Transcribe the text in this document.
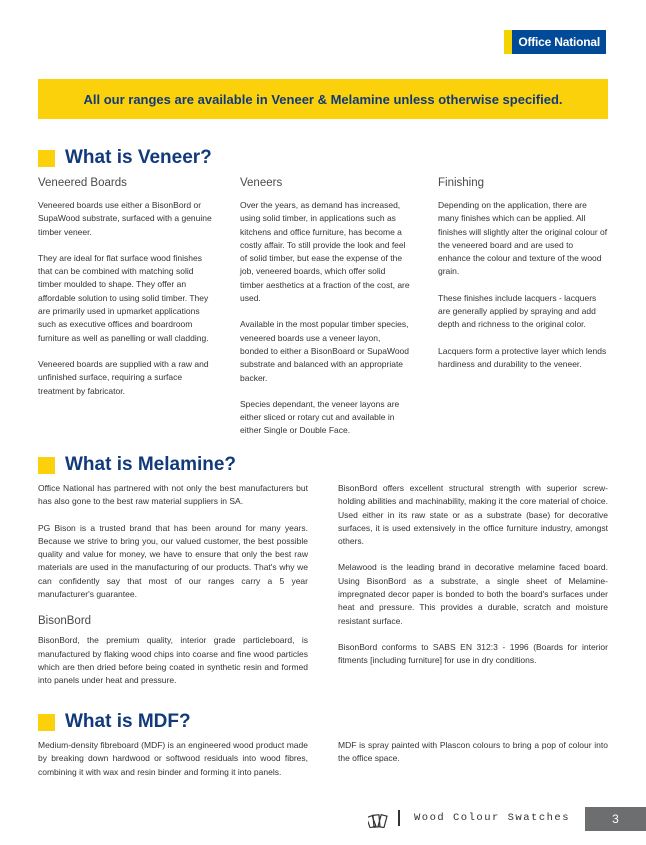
Office National
All our ranges are available in Veneer & Melamine unless otherwise specified.
What is Veneer?
Veneered Boards

Veneered boards use either a BisonBord or SupaWood substrate, surfaced with a genuine timber veneer.

They are ideal for flat surface wood finishes that can be combined with matching solid timber moulded to shape. They offer an affordable solution to using solid timber. They are primarily used in upmarket applications such as executive offices and boardroom furniture as well as panelling or wall cladding.

Veneered boards are supplied with a raw and unfinished surface, requiring a surface treatment by fabricator.

Veneers

Over the years, as demand has increased, using solid timber, in applications such as kitchens and office furniture, has become a costly affair. To still provide the look and feel of solid timber, but ease the expense of the job, veneered boards, which offer solid timber aesthetics at a fraction of the cost, are used.

Available in the most popular timber species, veneered boards use a veneer layon, bonded to either a BisonBoard or SupaWood substrate and balanced with an appropriate backer.

Species dependant, the veneer layons are either sliced or rotary cut and available in either Single or Double Face.

Finishing

Depending on the application, there are many finishes which can be applied. All finishes will slightly alter the original colour of the veneered board and are used to enhance the colour and texture of the wood grain.

These finishes include lacquers - lacquers are generally applied by spraying and add depth and richness to the original color.

Lacquers form a protective layer which lends hardiness and durability to the veneer.

What is Melamine?

Office National has partnered with not only the best manufacturers but has also gone to the best raw material suppliers in SA.

PG Bison is a trusted brand that has been around for many years. Because we strive to bring you, our valued customer, the best possible quality and value for money, we have to ensure that only the best raw materials are used in the manufacturing of our products. That's why we can confidently say that most of our ranges carry a 5 year manufacturer's guarantee.

BisonBord

BisonBord, the premium quality, interior grade particleboard, is manufactured by flaking wood chips into coarse and fine wood particles which are then dried before being coated in synthetic resin and formed into panels under heat and pressure.

BisonBord offers excellent structural strength with superior screw-holding abilities and machinability, making it the core material of choice. Used either in its raw state or as a substrate (base) for decorative surfaces, it is used extensively in the office furniture industry, amongst others.

Melawood is the leading brand in decorative melamine faced board. Using BisonBord as a substrate, a single sheet of Melamine-impregnated decor paper is bonded to both the board's surfaces under heat and pressure. This provides a durable, scratch and moisture resistant surface.

BisonBord conforms to SABS EN 312:3 - 1996 (Boards for interior fitments [including furniture] for use in dry conditions.

What is MDF?

Medium-density fibreboard (MDF) is an engineered wood product made by breaking down hardwood or softwood residuals into wood fibres, combining it with wax and resin binder and forming it into panels.

MDF is spray painted with Plascon colours to bring a pop of colour into the office space.

Wood Colour Swatches	3
